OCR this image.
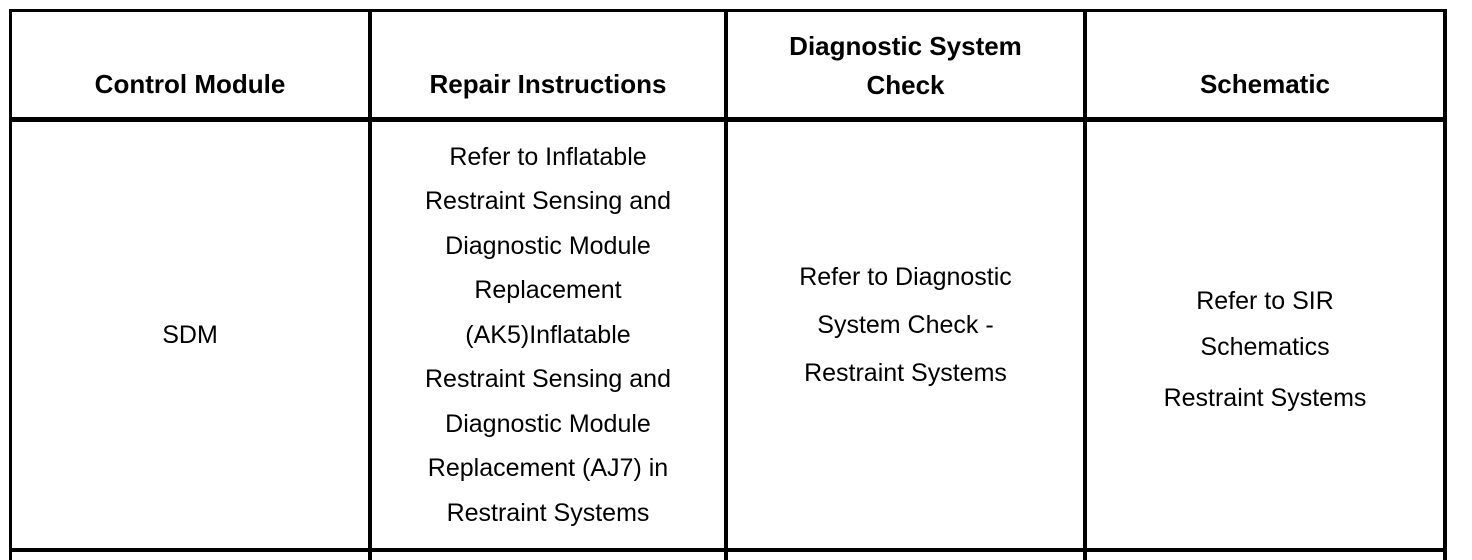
Control Module	Repair Instructions
Diagnostic System
Check	Schematic
SDM
Refer to Inflatable
Restraint Sensing and
Diagnostic Module
Replacement
(AK5)Inflatable
Restraint Sensing and
Diagnostic Module
Replacement (AJ7) in
Restraint Systems
Refer to Diagnostic
System Check -
Restraint Systems
Refer to SIR
Schematics
Restraint Systems
